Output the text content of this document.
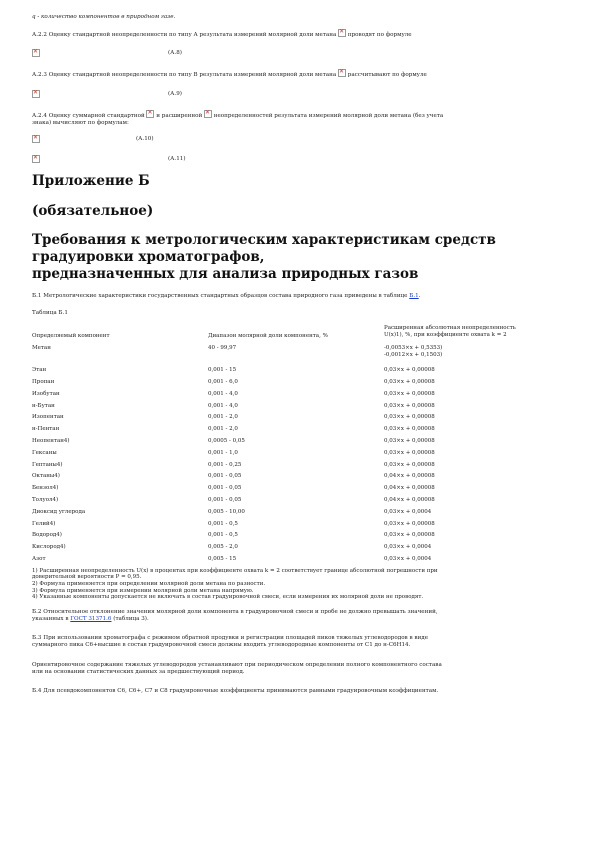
q - количество компонентов в природном газе.

А.2.2 Оценку стандартной неопределенности по типу А результата измерений молярной доли метана ✕ проводят по формуле

✕
(А.8)

А.2.3 Оценку стандартной неопределенности по типу В результата измерений молярной доли метана ✕ рассчитывают по формуле

✕
(А.9)

А.2.4 Оценку суммарной стандартной ✕ и расширенной ✕ неопределенностей результата измерений молярной доли метана (без учета
знака) вычисляют по формулам:

✕
(А.10)
✕
(А.11)
Приложение Б
(обязательное)
Требования к метрологическим характеристикам средств
градуировки хроматографов,
предназначенных для анализа природных газов

Б.1 Метрологические характеристики государственных стандартных образцов состава природного газа приведены в таблице Б.1.

Таблица Б.1

Определяемый компонент	Диапазон молярной доли компонента, %	Расширенная абсолютная неопределенность
U(x)1), %, при коэффициенте охвата k = 2
Метан	40 - 99,97	-0,0053×x + 0,5353)
-0,0012×x + 0,1503)
Этан	0,001 - 15	0,03×x + 0,00008
Пропан	0,001 - 6,0	0,03×x + 0,00008
Изобутан	0,001 - 4,0	0,03×x + 0,00008
н-Бутан	0,001 - 4,0	0,03×x + 0,00008
Изопентан	0,001 - 2,0	0,03×x + 0,00008
н-Пентан	0,001 - 2,0	0,03×x + 0,00008
Неопентан4)	0,0005 - 0,05	0,03×x + 0,00008
Гексаны	0,001 - 1,0	0,03×x + 0,00008
Гептаны4)	0,001 - 0,25	0,03×x + 0,00008
Октаны4)	0,001 - 0,05	0,04×x + 0,00008
Бензол4)	0,001 - 0,05	0,04×x + 0,00008
Толуол4)	0,001 - 0,05	0,04×x + 0,00008
Диоксид углерода	0,005 - 10,00	0,03×x + 0,0004
Гелий4)	0,001 - 0,5	0,03×x + 0,00008
Водород4)	0,001 - 0,5	0,03×x + 0,00008
Кислород4)	0,005 - 2,0	0,03×x + 0,0004
Азот	0,005 - 15	0,03×x + 0,0004
1) Расширенная неопределенность U(x) в процентах при коэффициенте охвата k = 2 соответствует границе абсолютной погрешности при
доверительной вероятности P = 0,95.
2) Формула применяется при определении молярной доли метана по разности.
3) Формула применяется при измерении молярной доли метана напрямую.
4) Указанные компоненты допускается не включать в состав градуировочной смеси, если измерения их молярной доли не проводят.

Б.2 Относительное отклонение значения молярной доли компонента в градуировочной смеси и пробе не должно превышать значений,
указанных в ГОСТ 31371.6 (таблица 3).

Б.3 При использовании хроматографа с режимом обратной продувки и регистрации площадей пиков тяжелых углеводородов в виде
суммарного пика С6+высшие в состав градуировочной смеси должны входить углеводородные компоненты от С1 до н-С6Н14.

Ориентировочное содержание тяжелых углеводородов устанавливают при периодическом определении полного компонентного состава
или на основании статистических данных за предшествующий период.

Б.4 Для псевдокомпонентов С6, С6+, С7 и С8 градуировочные коэффициенты принимаются равными градуировочным коэффициентам.
